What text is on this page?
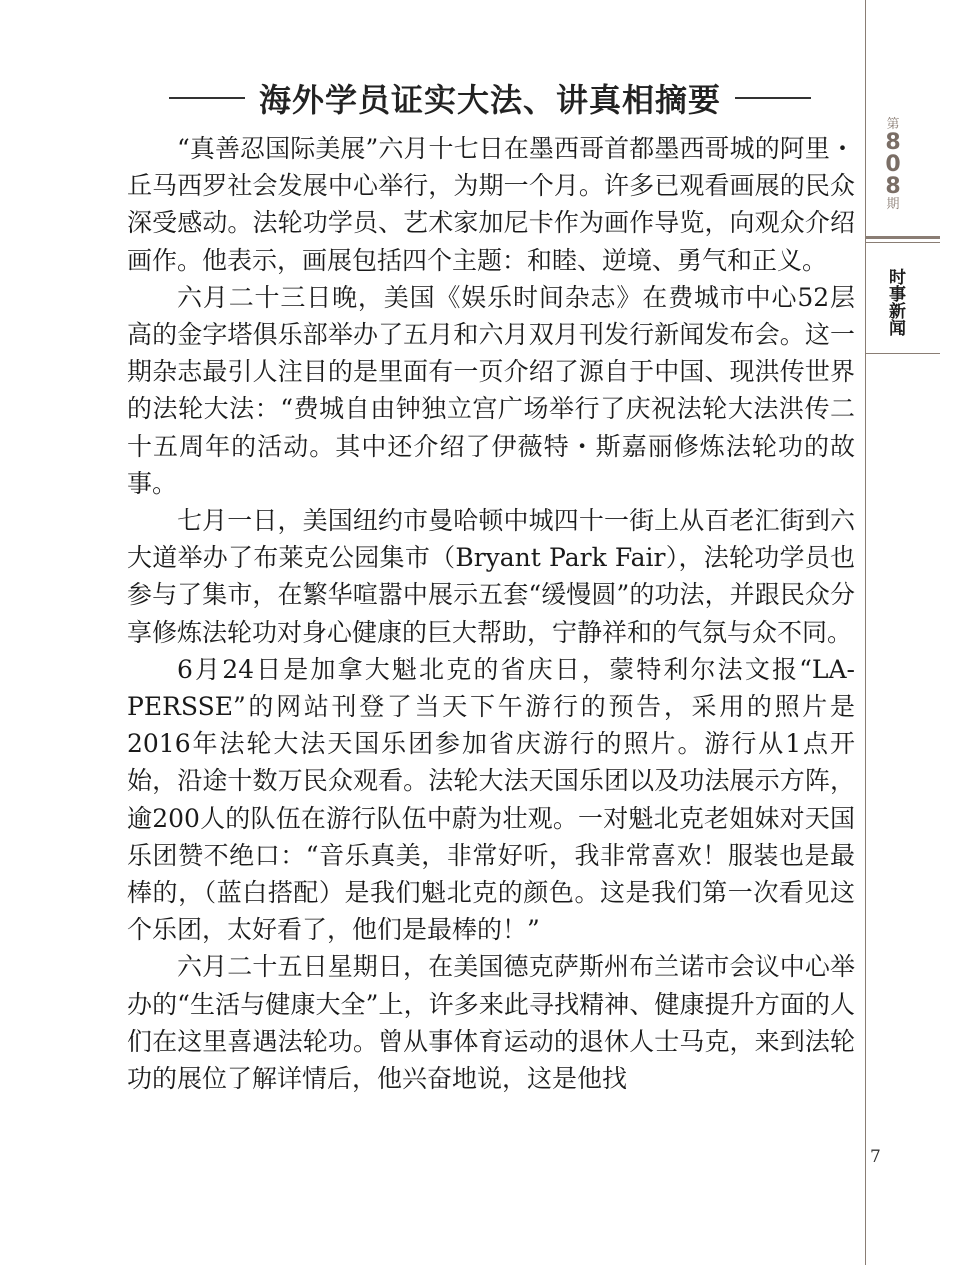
海外学员证实大法、讲真相摘要

“真善忍国际美展”六月十七日在墨西哥首都墨西哥城的阿里・丘马西罗社会发展中心举行，为期一个月。许多已观看画展的民众深受感动。法轮功学员、艺术家加尼卡作为画作导览，向观众介绍画作。他表示，画展包括四个主题：和睦、逆境、勇气和正义。

六月二十三日晚，美国《娱乐时间杂志》在费城市中心52层高的金字塔俱乐部举办了五月和六月双月刊发行新闻发布会。这一期杂志最引人注目的是里面有一页介绍了源自于中国、现洪传世界的法轮大法：“费城自由钟独立宫广场举行了庆祝法轮大法洪传二十五周年的活动。其中还介绍了伊薇特・斯嘉丽修炼法轮功的故事。

七月一日，美国纽约市曼哈顿中城四十一街上从百老汇街到六大道举办了布莱克公园集市（Bryant Park Fair），法轮功学员也参与了集市，在繁华喧嚣中展示五套“缓慢圆”的功法，并跟民众分享修炼法轮功对身心健康的巨大帮助，宁静祥和的气氛与众不同。

6月24日是加拿大魁北克的省庆日，蒙特利尔法文报“LA-PERSSE”的网站刊登了当天下午游行的预告，采用的照片是2016年法轮大法天国乐团参加省庆游行的照片。游行从1点开始，沿途十数万民众观看。法轮大法天国乐团以及功法展示方阵，逾200人的队伍在游行队伍中蔚为壮观。一对魁北克老姐妹对天国乐团赞不绝口：“音乐真美，非常好听，我非常喜欢！服装也是最棒的，（蓝白搭配）是我们魁北克的颜色。这是我们第一次看见这个乐团，太好看了，他们是最棒的！”

六月二十五日星期日，在美国德克萨斯州布兰诺市会议中心举办的“生活与健康大全”上，许多来此寻找精神、健康提升方面的人们在这里喜遇法轮功。曾从事体育运动的退休人士马克，来到法轮功的展位了解详情后，他兴奋地说，这是他找

第
8
0
8
期
时事新闻
7
